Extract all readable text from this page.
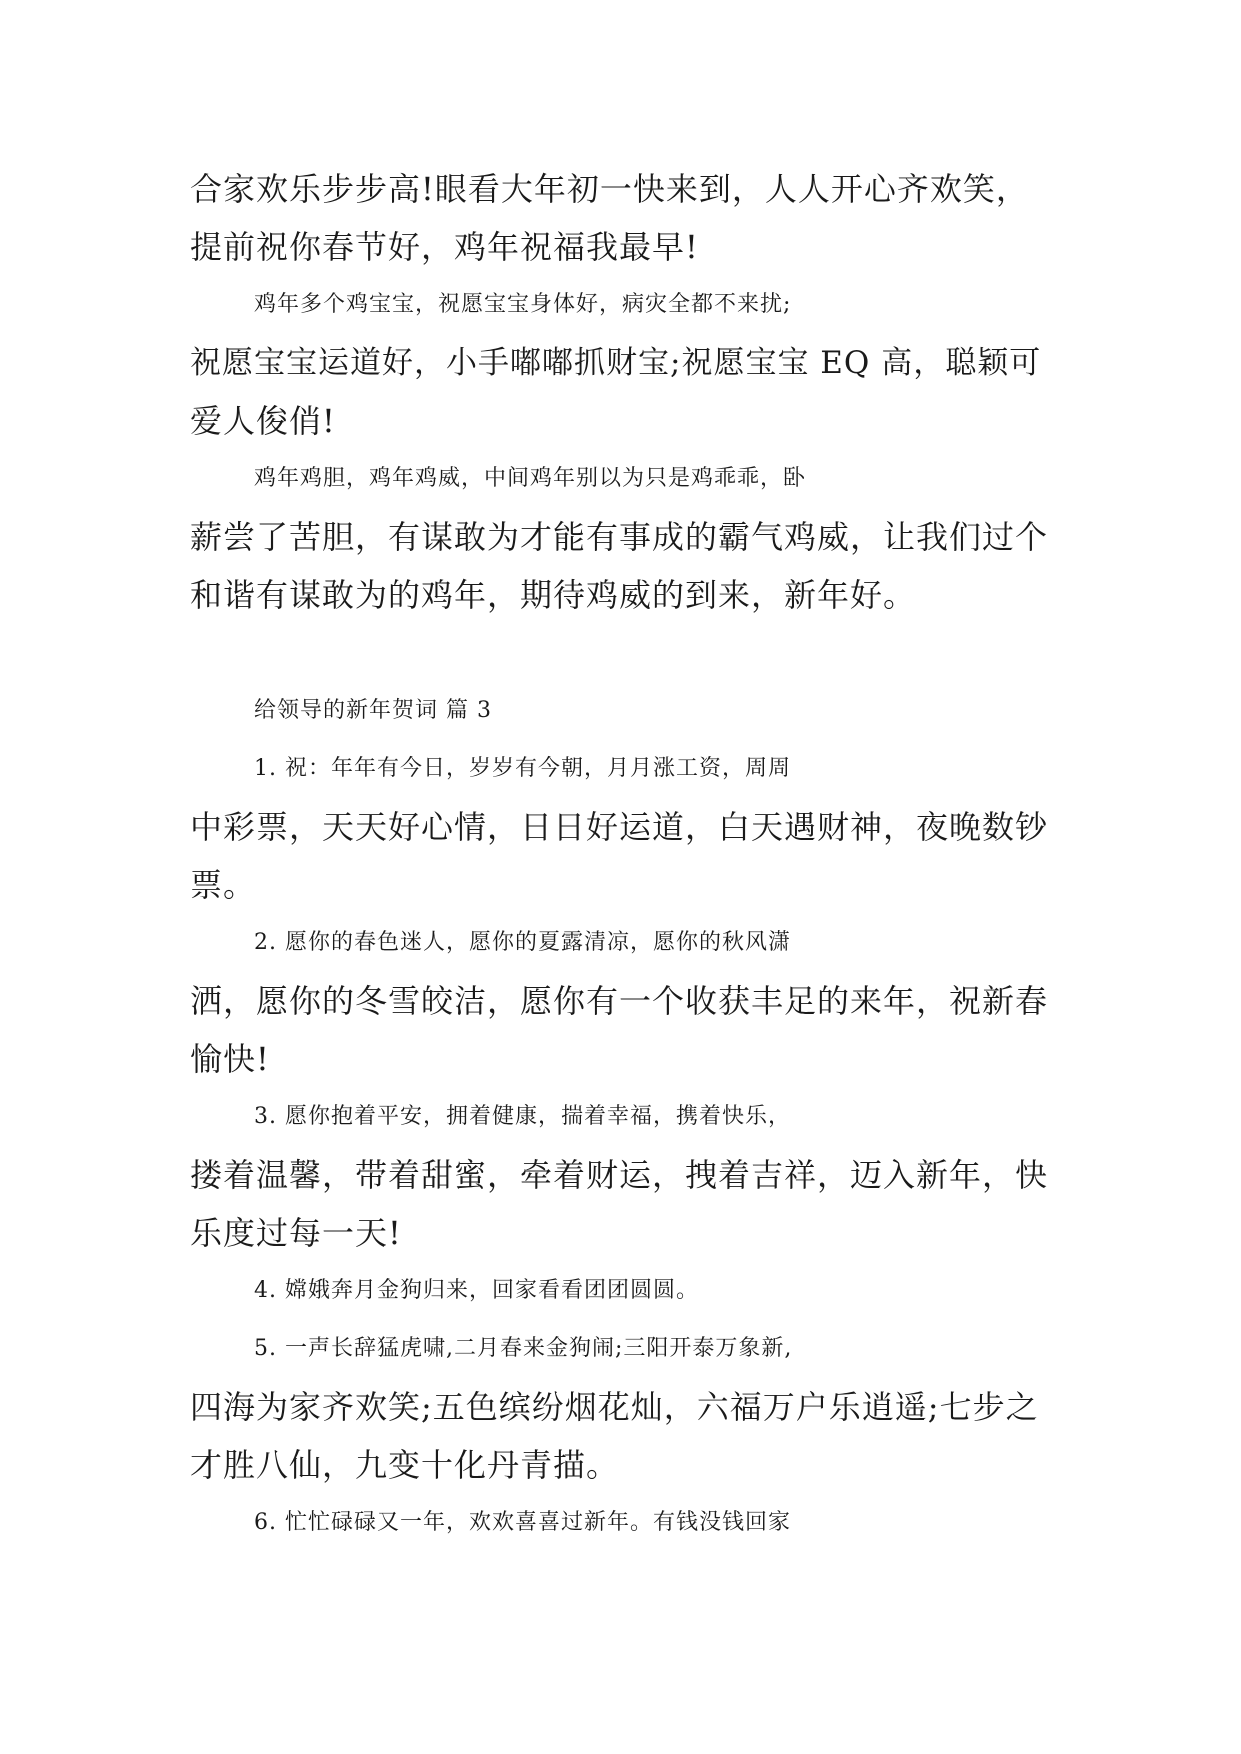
合家欢乐步步高!眼看大年初一快来到，人人开心齐欢笑，
提前祝你春节好，鸡年祝福我最早!

鸡年多个鸡宝宝，祝愿宝宝身体好，病灾全都不来扰;
祝愿宝宝运道好，小手嘟嘟抓财宝;祝愿宝宝 EQ 高，聪颖可
爱人俊俏!

鸡年鸡胆，鸡年鸡威，中间鸡年别以为只是鸡乖乖，卧
薪尝了苦胆，有谋敢为才能有事成的霸气鸡威，让我们过个
和谐有谋敢为的鸡年，期待鸡威的到来，新年好。

给领导的新年贺词 篇 3

1. 祝：年年有今日，岁岁有今朝，月月涨工资，周周
中彩票，天天好心情，日日好运道，白天遇财神，夜晚数钞
票。

2. 愿你的春色迷人，愿你的夏露清凉，愿你的秋风潇
洒，愿你的冬雪皎洁，愿你有一个收获丰足的来年，祝新春
愉快!

3. 愿你抱着平安，拥着健康，揣着幸福，携着快乐，
搂着温馨，带着甜蜜，牵着财运，拽着吉祥，迈入新年，快
乐度过每一天!

4. 嫦娥奔月金狗归来，回家看看团团圆圆。

5. 一声长辞猛虎啸,二月春来金狗闹;三阳开泰万象新,
四海为家齐欢笑;五色缤纷烟花灿，六福万户乐逍遥;七步之
才胜八仙，九变十化丹青描。

6. 忙忙碌碌又一年，欢欢喜喜过新年。有钱没钱回家
